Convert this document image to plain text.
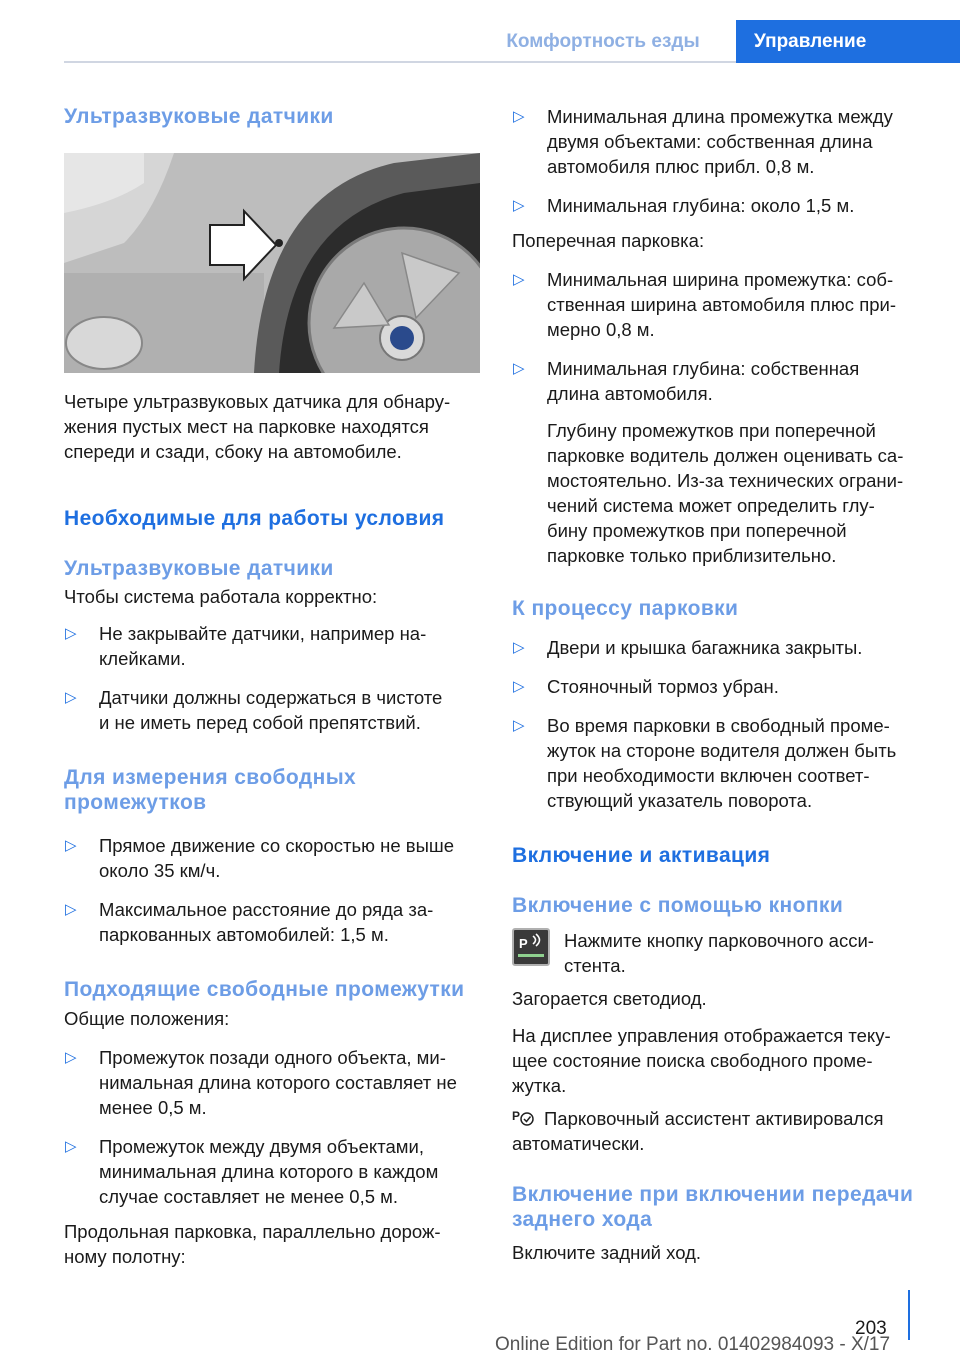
Комфортность езды	Управление
Ультразвуковые датчики
Четыре ультразвуковых датчика для обнару-
жения пустых мест на парковке находятся
спереди и сзади, сбоку на автомобиле.
Необходимые для работы условия
Ультразвуковые датчики
Чтобы система работала корректно:
▷ Не закрывайте датчики, например на-
клейками.
▷ Датчики должны содержаться в чистоте
и не иметь перед собой препятствий.
Для измерения свободных
промежутков
▷ Прямое движение со скоростью не выше
около 35 км/ч.
▷ Максимальное расстояние до ряда за-
паркованных автомобилей: 1,5 м.
Подходящие свободные промежутки
Общие положения:
▷ Промежуток позади одного объекта, ми-
нимальная длина которого составляет не
менее 0,5 м.
▷ Промежуток между двумя объектами,
минимальная длина которого в каждом
случае составляет не менее 0,5 м.
Продольная парковка, параллельно дорож-
ному полотну:
▷ Минимальная длина промежутка между
двумя объектами: собственная длина
автомобиля плюс прибл. 0,8 м.
▷ Минимальная глубина: около 1,5 м.
Поперечная парковка:
▷ Минимальная ширина промежутка: соб-
ственная ширина автомобиля плюс при-
мерно 0,8 м.
▷ Минимальная глубина: собственная
длина автомобиля.
Глубину промежутков при поперечной
парковке водитель должен оценивать са-
мостоятельно. Из-за технических ограни-
чений система может определить глу-
бину промежутков при поперечной
парковке только приблизительно.
К процессу парковки
▷ Двери и крышка багажника закрыты.
▷ Стояночный тормоз убран.
▷ Во время парковки в свободный проме-
жуток на стороне водителя должен быть
при необходимости включен соответ-
ствующий указатель поворота.
Включение и активация
Включение с помощью кнопки
P	Нажмите кнопку парковочного асси-
стента.
Загорается светодиод.
На дисплее управления отображается теку-
щее состояние поиска свободного проме-
жутка.
P Парковочный ассистент активировался
автоматически.
Включение при включении передачи
заднего хода
Включите задний ход.
203
Online Edition for Part no. 01402984093 - X/17
